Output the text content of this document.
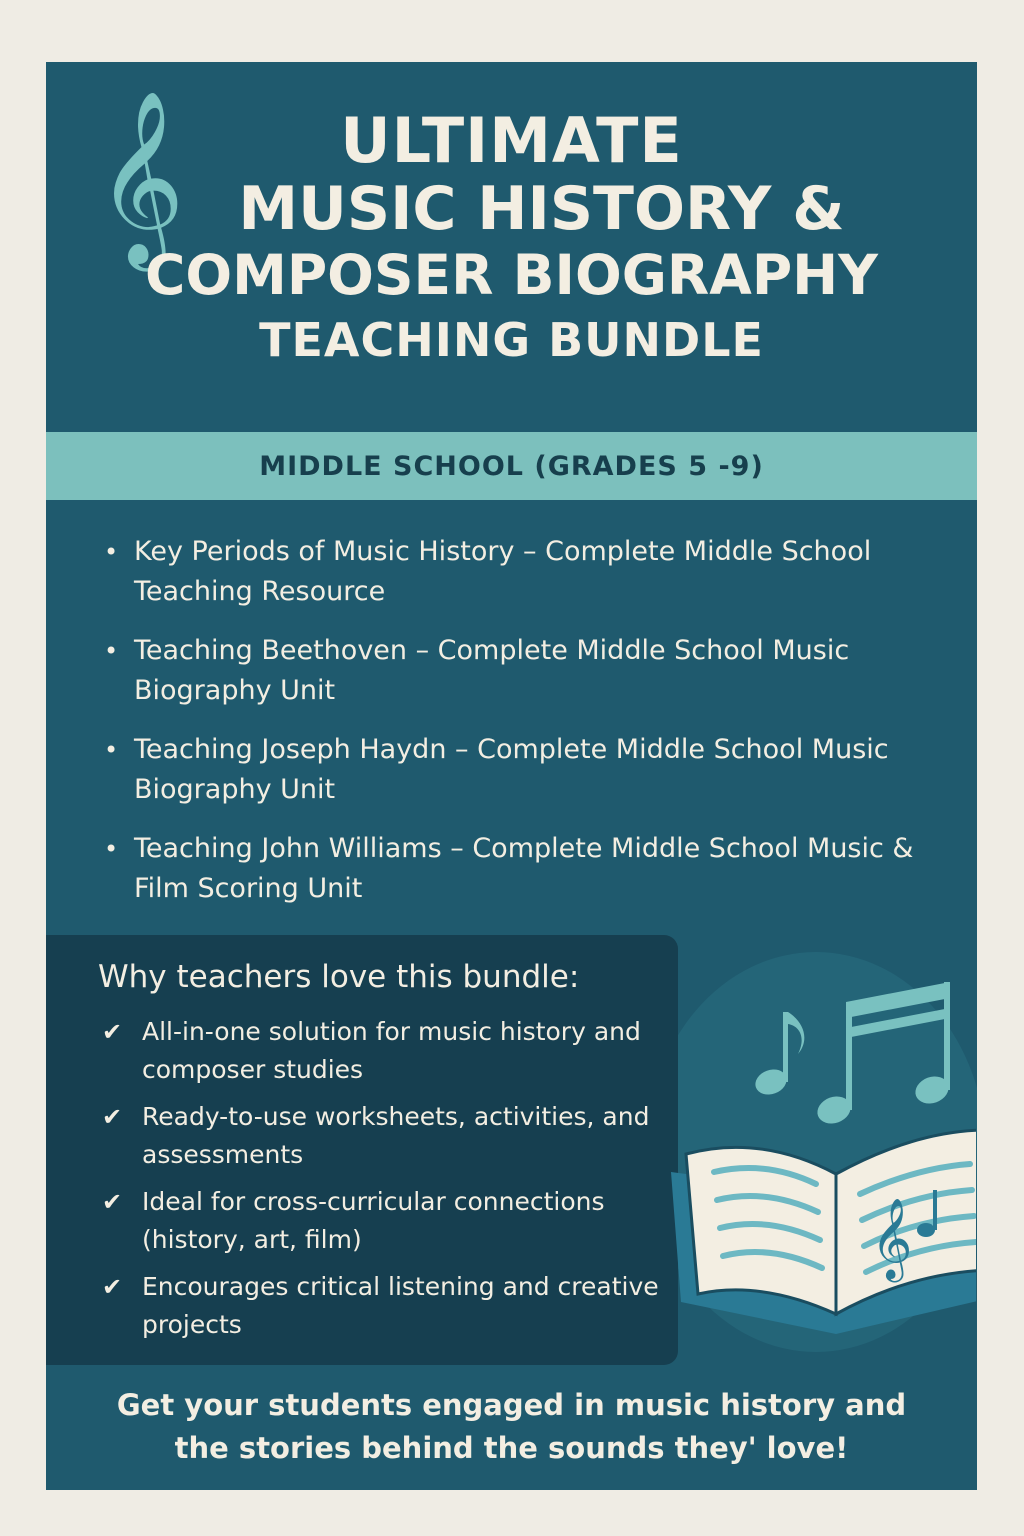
𝄞	ULTIMATE
MUSIC HISTORY &
COMPOSER BIOGRAPHY
TEACHING BUNDLE
MIDDLE SCHOOL (GRADES 5 -9)
• Key Periods of Music History – Complete Middle School Teaching Resource
• Teaching Beethoven – Complete Middle School Music Biography Unit
• Teaching Joseph Haydn – Complete Middle School Music Biography Unit
• Teaching John Williams – Complete Middle School Music & Film Scoring Unit
Why teachers love this bundle:
✔ All-in-one solution for music history and composer studies
✔ Ready-to-use worksheets, activities, and assessments
✔ Ideal for cross-curricular connections (history, art, film)
✔ Encourages critical listening and creative projects
𝄞
Get your students engaged in music history and
the stories behind the sounds they' love!
